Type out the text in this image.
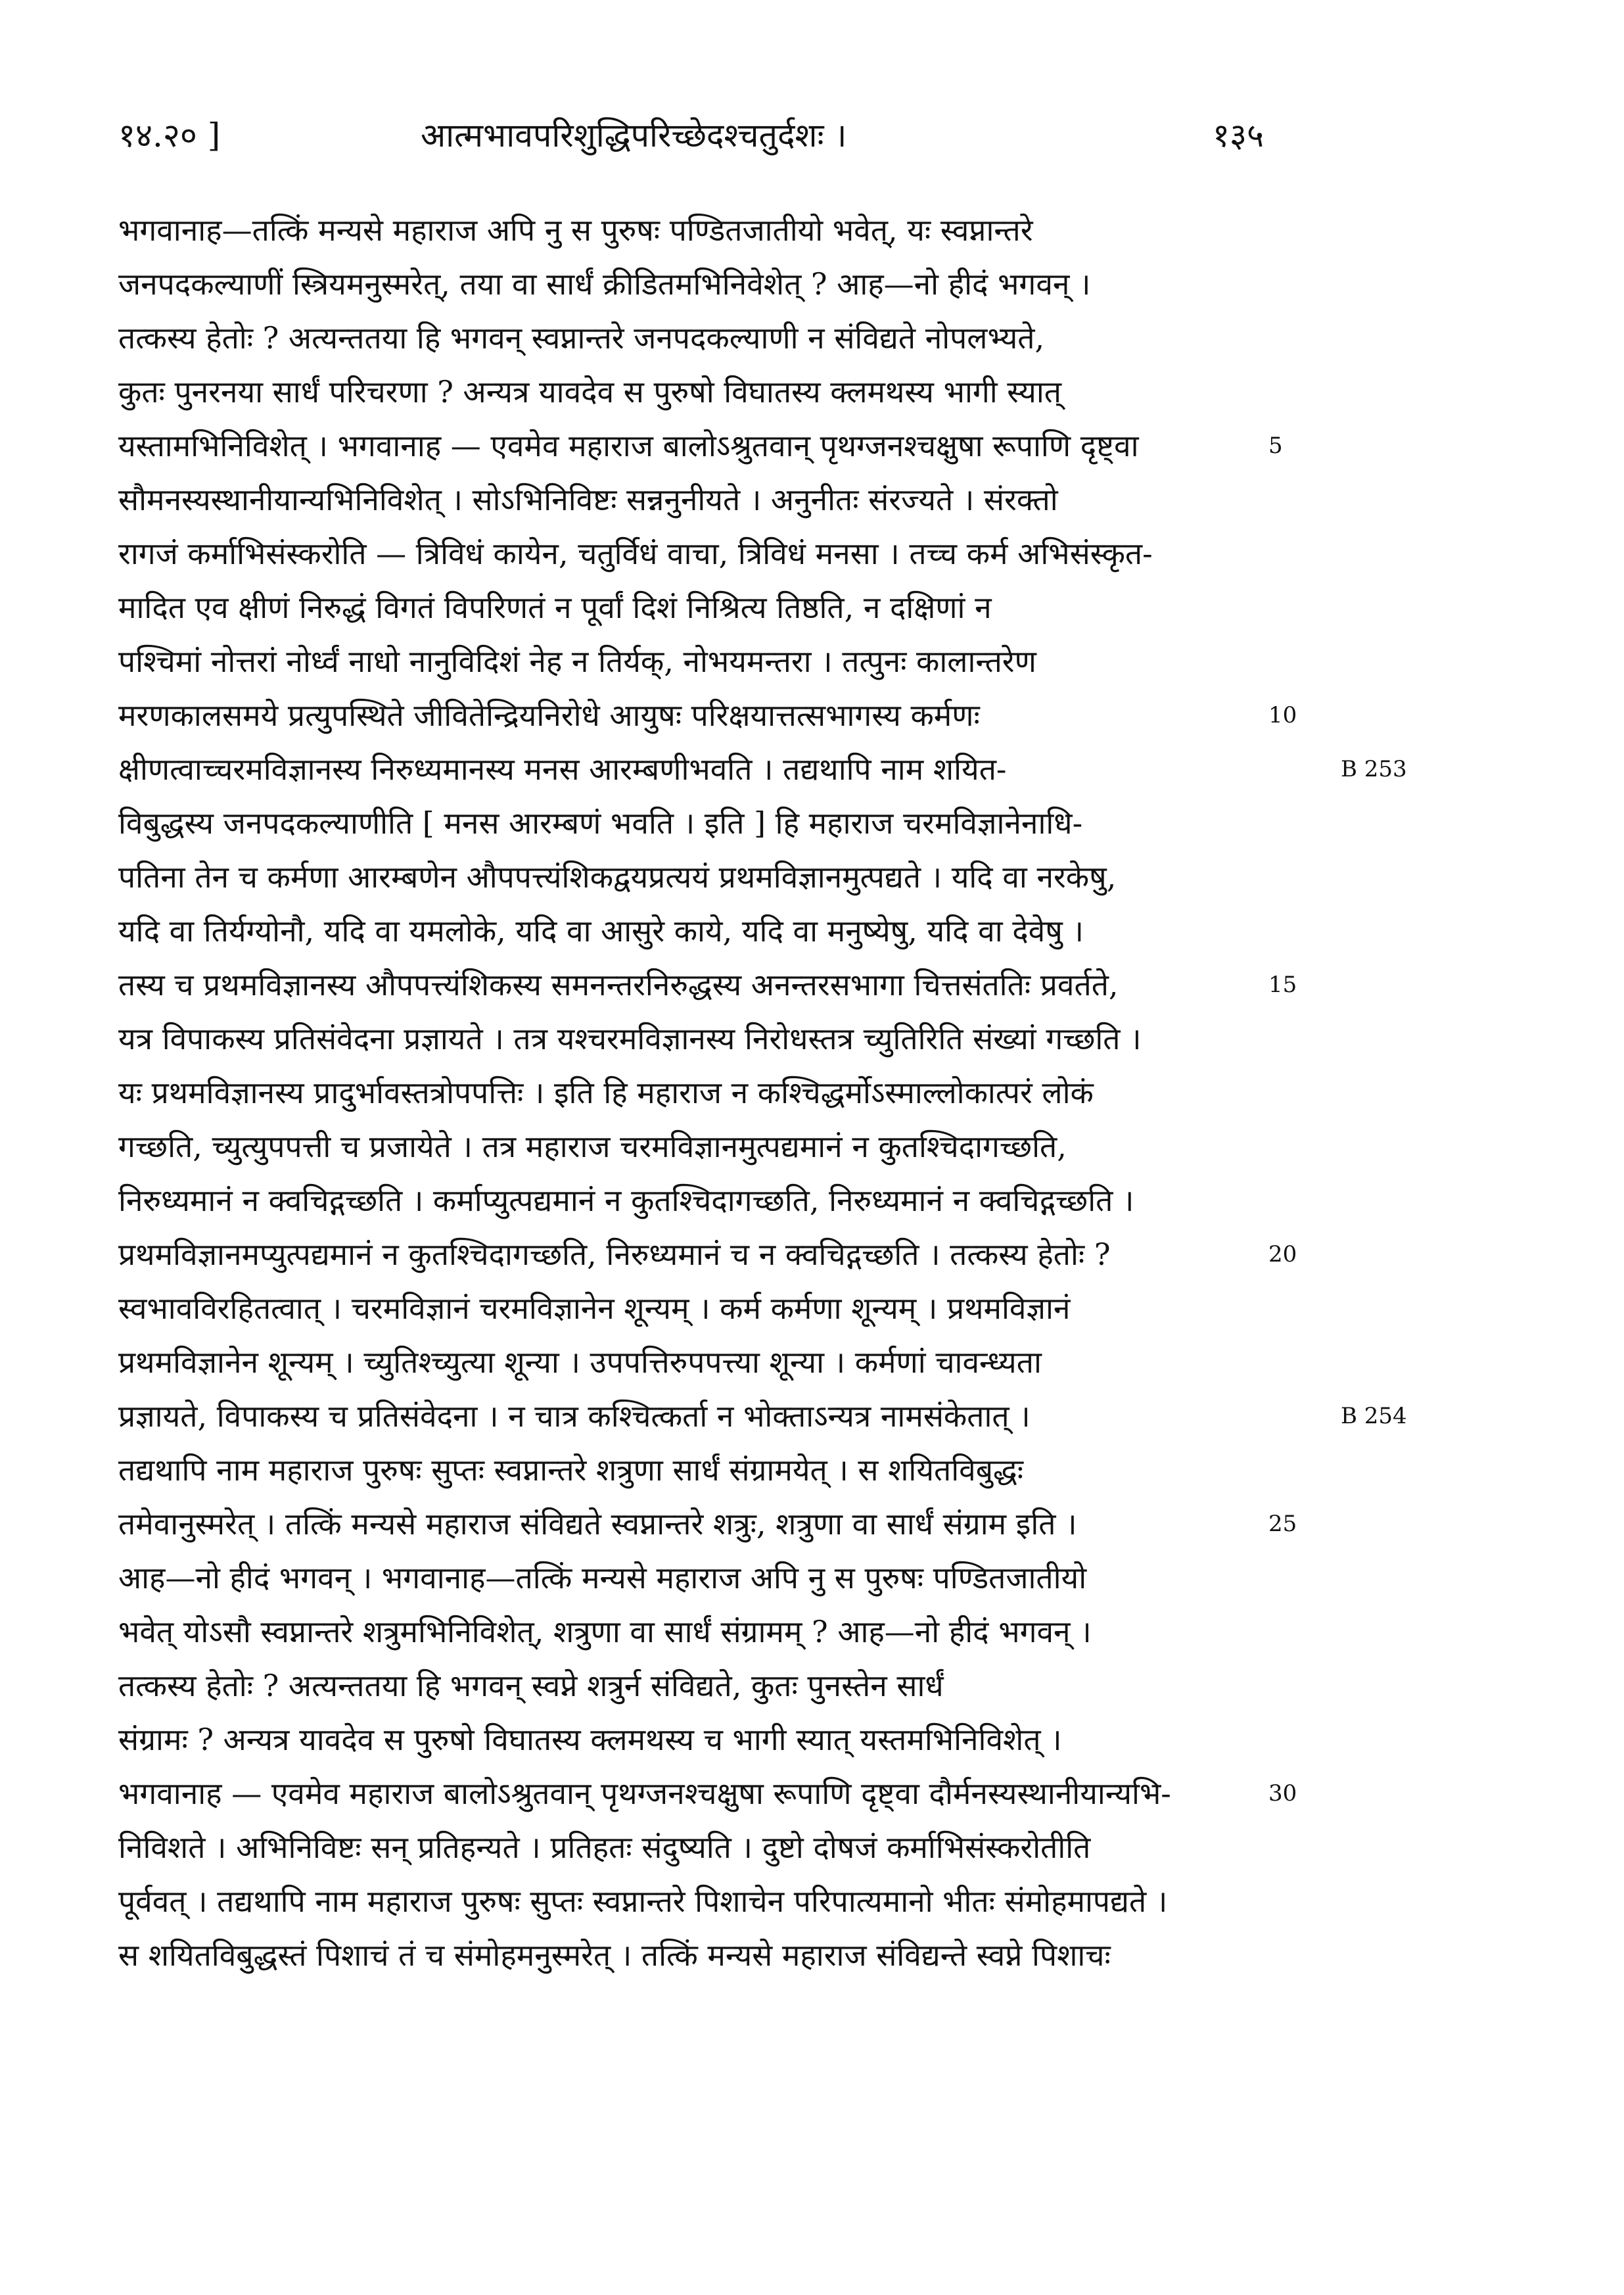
१४.२० ]	आत्मभावपरिशुद्धिपरिच्छेदश्चतुर्दशः ।	१३५
भगवानाह—तत्किं मन्यसे महाराज अपि नु स पुरुषः पण्डितजातीयो भवेत्, यः स्वप्नान्तरे
जनपदकल्याणीं स्त्रियमनुस्मरेत्, तया वा सार्धं क्रीडितमभिनिवेशेत् ? आह—नो हीदं भगवन् ।
तत्कस्य हेतोः ? अत्यन्ततया हि भगवन् स्वप्नान्तरे जनपदकल्याणी न संविद्यते नोपलभ्यते,
कुतः पुनरनया सार्धं परिचरणा ? अन्यत्र यावदेव स पुरुषो विघातस्य क्लमथस्य भागी स्यात्
यस्तामभिनिविशेत् । भगवानाह — एवमेव महाराज बालोऽश्रुतवान् पृथग्जनश्चक्षुषा रूपाणि दृष्ट्वा
सौमनस्यस्थानीयान्यभिनिविशेत् । सोऽभिनिविष्टः सन्ननुनीयते । अनुनीतः संरज्यते । संरक्तो
रागजं कर्माभिसंस्करोति — त्रिविधं कायेन, चतुर्विधं वाचा, त्रिविधं मनसा । तच्च कर्म अभिसंस्कृत-
मादित एव क्षीणं निरुद्धं विगतं विपरिणतं न पूर्वां दिशं निश्रित्य तिष्ठति, न दक्षिणां न
पश्चिमां नोत्तरां नोर्ध्वं नाधो नानुविदिशं नेह न तिर्यक्, नोभयमन्तरा । तत्पुनः कालान्तरेण
मरणकालसमये प्रत्युपस्थिते जीवितेन्द्रियनिरोधे आयुषः परिक्षयात्तत्सभागस्य कर्मणः
क्षीणत्वाच्चरमविज्ञानस्य निरुध्यमानस्य मनस आरम्बणीभवति । तद्यथापि नाम शयित-
विबुद्धस्य जनपदकल्याणीति [ मनस आरम्बणं भवति । इति ] हि महाराज चरमविज्ञानेनाधि-
पतिना तेन च कर्मणा आरम्बणेन औपपत्त्यंशिकद्वयप्रत्ययं प्रथमविज्ञानमुत्पद्यते । यदि वा नरकेषु,
यदि वा तिर्यग्योनौ, यदि वा यमलोके, यदि वा आसुरे काये, यदि वा मनुष्येषु, यदि वा देवेषु ।
तस्य च प्रथमविज्ञानस्य औपपत्त्यंशिकस्य समनन्तरनिरुद्धस्य अनन्तरसभागा चित्तसंततिः प्रवर्तते,
यत्र विपाकस्य प्रतिसंवेदना प्रज्ञायते । तत्र यश्चरमविज्ञानस्य निरोधस्तत्र च्युतिरिति संख्यां गच्छति ।
यः प्रथमविज्ञानस्य प्रादुर्भावस्तत्रोपपत्तिः । इति हि महाराज न कश्चिद्धर्मोऽस्माल्लोकात्परं लोकं
गच्छति, च्युत्युपपत्ती च प्रजायेते । तत्र महाराज चरमविज्ञानमुत्पद्यमानं न कुतश्चिदागच्छति,
निरुध्यमानं न क्वचिद्गच्छति । कर्माप्युत्पद्यमानं न कुतश्चिदागच्छति, निरुध्यमानं न क्वचिद्गच्छति ।
प्रथमविज्ञानमप्युत्पद्यमानं न कुतश्चिदागच्छति, निरुध्यमानं च न क्वचिद्गच्छति । तत्कस्य हेतोः ?
स्वभावविरहितत्वात् । चरमविज्ञानं चरमविज्ञानेन शून्यम् । कर्म कर्मणा शून्यम् । प्रथमविज्ञानं
प्रथमविज्ञानेन शून्यम् । च्युतिश्च्युत्या शून्या । उपपत्तिरुपपत्त्या शून्या । कर्मणां चावन्ध्यता
प्रज्ञायते, विपाकस्य च प्रतिसंवेदना । न चात्र कश्चित्कर्ता न भोक्ताऽन्यत्र नामसंकेतात् ।
तद्यथापि नाम महाराज पुरुषः सुप्तः स्वप्नान्तरे शत्रुणा सार्धं संग्रामयेत् । स शयितविबुद्धः
तमेवानुस्मरेत् । तत्किं मन्यसे महाराज संविद्यते स्वप्नान्तरे शत्रुः, शत्रुणा वा सार्धं संग्राम इति ।
आह—नो हीदं भगवन् । भगवानाह—तत्किं मन्यसे महाराज अपि नु स पुरुषः पण्डितजातीयो
भवेत् योऽसौ स्वप्नान्तरे शत्रुमभिनिविशेत्, शत्रुणा वा सार्धं संग्रामम् ? आह—नो हीदं भगवन् ।
तत्कस्य हेतोः ? अत्यन्ततया हि भगवन् स्वप्ने शत्रुर्न संविद्यते, कुतः पुनस्तेन सार्धं
संग्रामः ? अन्यत्र यावदेव स पुरुषो विघातस्य क्लमथस्य च भागी स्यात् यस्तमभिनिविशेत् ।
भगवानाह — एवमेव महाराज बालोऽश्रुतवान् पृथग्जनश्चक्षुषा रूपाणि दृष्ट्वा दौर्मनस्यस्थानीयान्यभि-
निविशते । अभिनिविष्टः सन् प्रतिहन्यते । प्रतिहतः संदुष्यति । दुष्टो दोषजं कर्माभिसंस्करोतीति
पूर्ववत् । तद्यथापि नाम महाराज पुरुषः सुप्तः स्वप्नान्तरे पिशाचेन परिपात्यमानो भीतः संमोहमापद्यते ।
स शयितविबुद्धस्तं पिशाचं तं च संमोहमनुस्मरेत् । तत्किं मन्यसे महाराज संविद्यन्ते स्वप्ने पिशाचः
5
10
15
20
25
30
B 253
B 254
